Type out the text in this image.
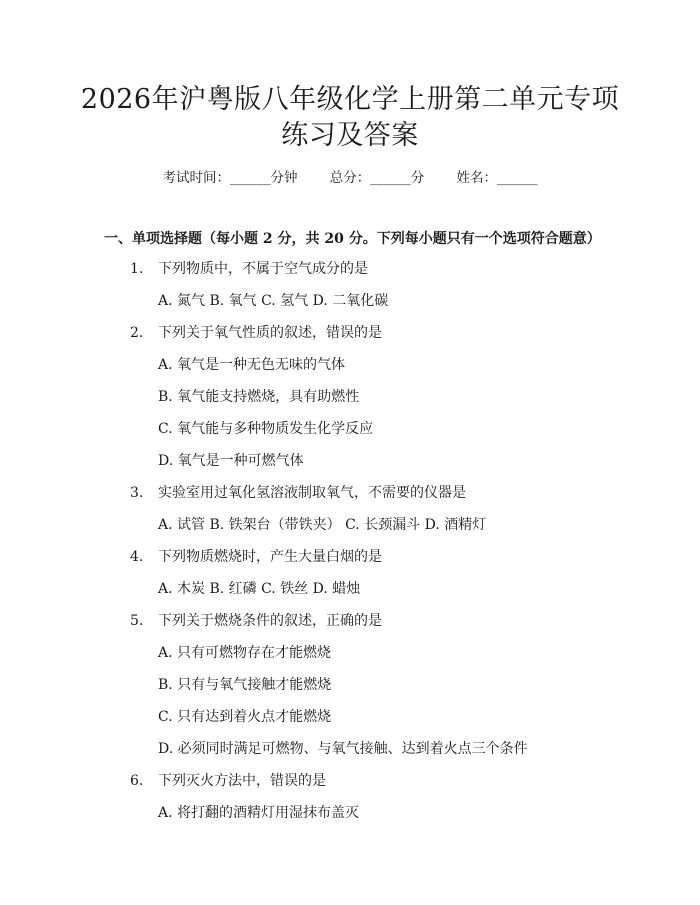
2026年沪粤版八年级化学上册第二单元专项
练习及答案
考试时间：______分钟 总分：______分 姓名：______
一、单项选择题（每小题 2 分，共 20 分。下列每小题只有一个选项符合题意）
1. 下列物质中，不属于空气成分的是
A. 氮气 B. 氧气 C. 氢气 D. 二氧化碳
2. 下列关于氧气性质的叙述，错误的是
A. 氧气是一种无色无味的气体
B. 氧气能支持燃烧，具有助燃性
C. 氧气能与多种物质发生化学反应
D. 氧气是一种可燃气体
3. 实验室用过氧化氢溶液制取氧气，不需要的仪器是
A. 试管 B. 铁架台（带铁夹） C. 长颈漏斗 D. 酒精灯
4. 下列物质燃烧时，产生大量白烟的是
A. 木炭 B. 红磷 C. 铁丝 D. 蜡烛
5. 下列关于燃烧条件的叙述，正确的是
A. 只有可燃物存在才能燃烧
B. 只有与氧气接触才能燃烧
C. 只有达到着火点才能燃烧
D. 必须同时满足可燃物、与氧气接触、达到着火点三个条件
6. 下列灭火方法中，错误的是
A. 将打翻的酒精灯用湿抹布盖灭
